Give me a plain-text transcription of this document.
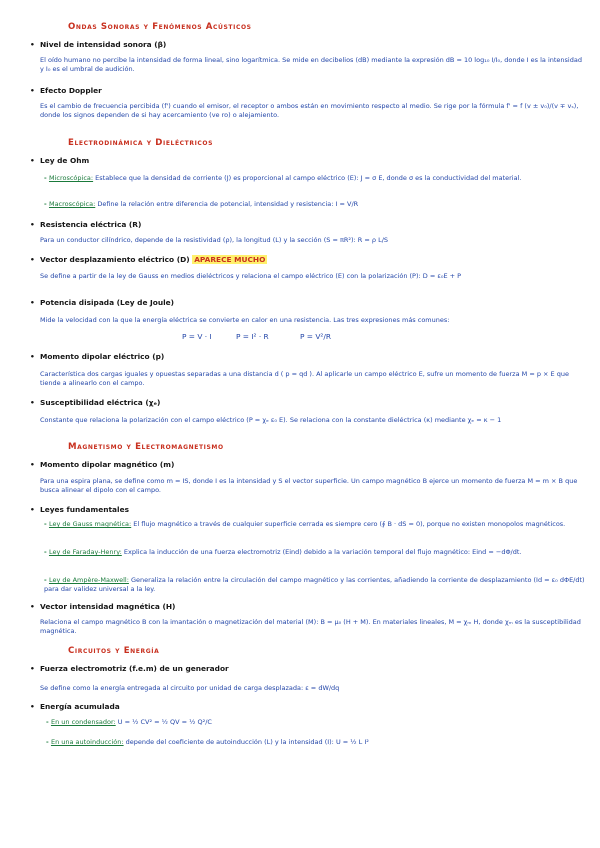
Ondas Sonoras y Fenómenos Acústicos
• Nivel de intensidad sonora (β)
El oído humano no percibe la intensidad de forma lineal, sino logarítmica. Se mide en decibelios (dB) mediante la expresión dB = 10 log₁₀ I/I₀, donde I es la intensidad y I₀ es el umbral de audición.
• Efecto Doppler
Es el cambio de frecuencia percibida (f') cuando el emisor, el receptor o ambos están en movimiento respecto al medio. Se rige por la fórmula f' = f (v ± v₀)/(v ∓ vₛ), donde los signos dependen de si hay acercamiento (ve ro) o alejamiento.
Electrodinámica y Dieléctricos
• Ley de Ohm
- Microscópica: Establece que la densidad de corriente (J) es proporcional al campo eléctrico (E): J = σ E, donde σ es la conductividad del material.
- Macroscópica: Define la relación entre diferencia de potencial, intensidad y resistencia: I = V/R
• Resistencia eléctrica (R)
Para un conductor cilíndrico, depende de la resistividad (ρ), la longitud (L) y la sección (S = πR²): R = ρ L/S
• Vector desplazamiento eléctrico (D) APARECE MUCHO
Se define a partir de la ley de Gauss en medios dieléctricos y relaciona el campo eléctrico (E) con la polarización (P): D = ε₀E + P
• Potencia disipada (Ley de Joule)
Mide la velocidad con la que la energía eléctrica se convierte en calor en una resistencia. Las tres expresiones más comunes:
P = V · I	P = I² · R	P = V²/R
• Momento dipolar eléctrico (p)
Característica dos cargas iguales y opuestas separadas a una distancia d ( p = qd ). Al aplicarle un campo eléctrico E, sufre un momento de fuerza M = p × E que tiende a alinearlo con el campo.
• Susceptibilidad eléctrica (χₑ)
Constante que relaciona la polarización con el campo eléctrico (P = χₑ ε₀ E). Se relaciona con la constante dieléctrica (κ) mediante χₑ = κ − 1
Magnetismo y Electromagnetismo
• Momento dipolar magnético (m)
Para una espira plana, se define como m = IS, donde I es la intensidad y S el vector superficie. Un campo magnético B ejerce un momento de fuerza M = m × B que busca alinear el dipolo con el campo.
• Leyes fundamentales
- Ley de Gauss magnética: El flujo magnético a través de cualquier superficie cerrada es siempre cero (∮ B · dS = 0), porque no existen monopolos magnéticos.
- Ley de Faraday-Henry: Explica la inducción de una fuerza electromotriz (Eind) debido a la variación temporal del flujo magnético: Eind = −dΦ/dt.
- Ley de Ampère-Maxwell: Generaliza la relación entre la circulación del campo magnético y las corrientes, añadiendo la corriente de desplazamiento (Id = ε₀ dΦE/dt) para dar validez universal a la ley.
• Vector intensidad magnética (H)
Relaciona el campo magnético B con la imantación o magnetización del material (M): B = μ₀ (H + M). En materiales lineales, M = χₘ H, donde χₘ es la susceptibilidad magnética.
Circuitos y Energía
• Fuerza electromotriz (f.e.m) de un generador
Se define como la energía entregada al circuito por unidad de carga desplazada: ε = dW/dq
• Energía acumulada
- En un condensador: U = ½ CV² = ½ QV = ½ Q²/C
- En una autoinducción: depende del coeficiente de autoinducción (L) y la intensidad (I): U = ½ L I²
